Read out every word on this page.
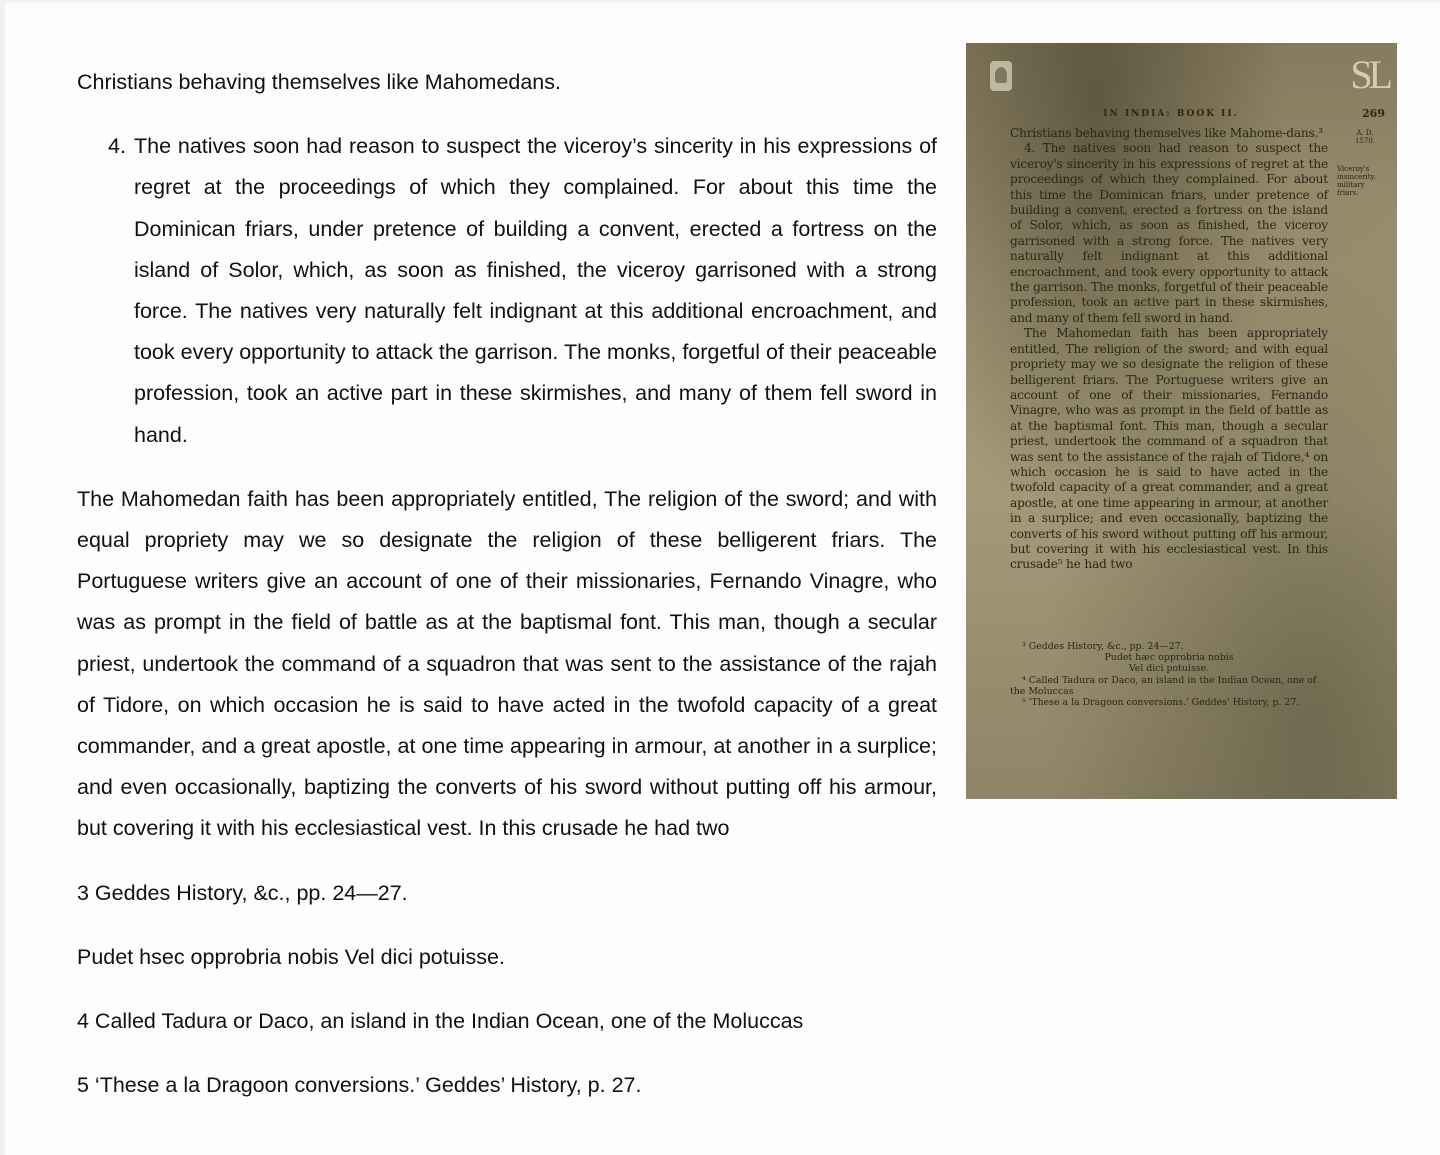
Christians behaving themselves like Mahomedans.

4. The natives soon had reason to suspect the viceroy’s sincerity in his expressions of regret at the proceedings of which they complained. For about this time the Dominican friars, under pretence of building a convent, erected a fortress on the island of Solor, which, as soon as finished, the viceroy garrisoned with a strong force. The natives very naturally felt indignant at this additional encroachment, and took every opportunity to attack the garrison. The monks, forgetful of their peaceable profession, took an active part in these skirmishes, and many of them fell sword in hand.

The Mahomedan faith has been appropriately entitled, The religion of the sword; and with equal propriety may we so designate the religion of these belligerent friars. The Portuguese writers give an account of one of their missionaries, Fernando Vinagre, who was as prompt in the field of battle as at the baptismal font. This man, though a secular priest, undertook the command of a squadron that was sent to the assistance of the rajah of Tidore, on which occasion he is said to have acted in the twofold capacity of a great commander, and a great apostle, at one time appearing in armour, at another in a surplice; and even occasionally, baptizing the converts of his sword without putting off his armour, but covering it with his ecclesiastical vest. In this crusade he had two

3 Geddes History, &c., pp. 24—27.

Pudet hsec opprobria nobis Vel dici potuisse.

4 Called Tadura or Daco, an island in the Indian Ocean, one of the Moluccas

5 ‘These a la Dragoon conversions.’ Geddes’ History, p. 27.

SL
IN INDIA: BOOK II.	269
A. D.
1570.
Viceroy's insincerity. military friars.

Christians behaving themselves like Mahome-dans.³

4. The natives soon had reason to suspect the viceroy's sincerity in his expressions of regret at the proceedings of which they complained. For about this time the Dominican friars, under pretence of building a convent, erected a fortress on the island of Solor, which, as soon as finished, the viceroy garrisoned with a strong force. The natives very naturally felt indignant at this additional encroachment, and took every opportunity to attack the garrison. The monks, forgetful of their peaceable profession, took an active part in these skirmishes, and many of them fell sword in hand.

The Mahomedan faith has been appropriately entitled, The religion of the sword; and with equal propriety may we so designate the religion of these belligerent friars. The Portuguese writers give an account of one of their missionaries, Fernando Vinagre, who was as prompt in the field of battle as at the baptismal font. This man, though a secular priest, undertook the command of a squadron that was sent to the assistance of the rajah of Tidore,⁴ on which occasion he is said to have acted in the twofold capacity of a great commander, and a great apostle, at one time appearing in armour, at another in a surplice; and even occasionally, baptizing the converts of his sword without putting off his armour, but covering it with his ecclesiastical vest. In this crusade⁵ he had two

³ Geddes History, &c., pp. 24—27.

Pudet hæc opprobria nobis

Vel dici potuisse.

⁴ Called Tadura or Daco, an island in the Indian Ocean, one of the Moluccas

⁵ 'These a la Dragoon conversions.' Geddes' History, p. 27.
